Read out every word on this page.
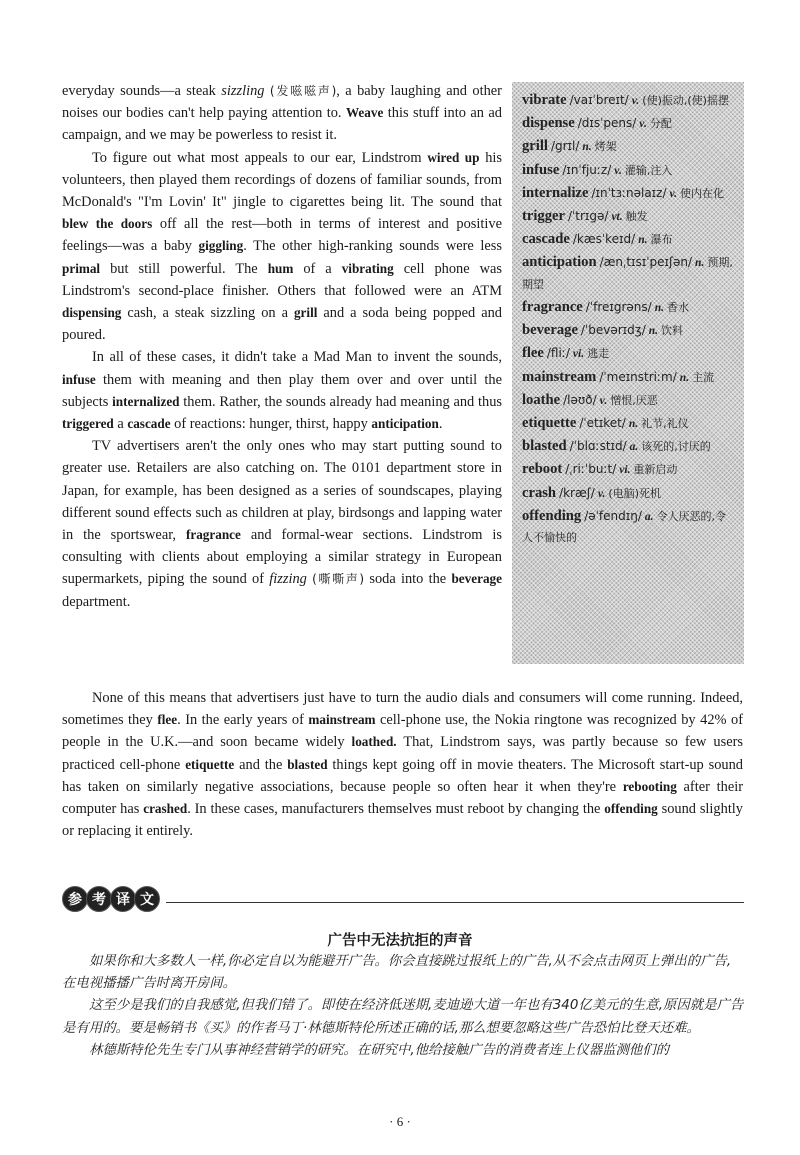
everyday sounds—a steak sizzling (发嗞嗞声), a baby laughing and other noises our bodies can't help paying attention to. Weave this stuff into an ad campaign, and we may be powerless to resist it.

To figure out what most appeals to our ear, Lindstrom wired up his volunteers, then played them recordings of dozens of familiar sounds, from McDonald's "I'm Lovin' It" jingle to cigarettes being lit. The sound that blew the doors off all the rest—both in terms of interest and positive feelings—was a baby giggling. The other high-ranking sounds were less primal but still powerful. The hum of a vibrating cell phone was Lindstrom's second-place finisher. Others that followed were an ATM dispensing cash, a steak sizzling on a grill and a soda being popped and poured.

In all of these cases, it didn't take a Mad Man to invent the sounds, infuse them with meaning and then play them over and over until the subjects internalized them. Rather, the sounds already had meaning and thus triggered a cascade of reactions: hunger, thirst, happy anticipation.

TV advertisers aren't the only ones who may start putting sound to greater use. Retailers are also catching on. The 0101 department store in Japan, for example, has been designed as a series of soundscapes, playing different sound effects such as children at play, birdsongs and lapping water in the sportswear, fragrance and formal-wear sections. Lindstrom is consulting with clients about employing a similar strategy in European supermarkets, piping the sound of fizzing (嘶嘶声) soda into the beverage department.

vibrate /vaɪˈbreɪt/ v. (使)振动,(使)摇摆
dispense /dɪsˈpens/ v. 分配
grill /grɪl/ n. 烤架
infuse /ɪnˈfjuːz/ v. 灌输,注入
internalize /ɪnˈtɜːnəlaɪz/ v. 使内在化
trigger /ˈtrɪgə/ vt. 触发
cascade /kæsˈkeɪd/ n. 瀑布
anticipation /ænˌtɪsɪˈpeɪʃən/ n. 预期,期望
fragrance /ˈfreɪgrəns/ n. 香水
beverage /ˈbevərɪdʒ/ n. 饮料
flee /fliː/ vi. 逃走
mainstream /ˈmeɪnstriːm/ n. 主流
loathe /ləʊð/ v. 憎恨,厌恶
etiquette /ˈetɪket/ n. 礼节,礼仪
blasted /ˈblɑːstɪd/ a. 该死的,讨厌的
reboot /ˌriːˈbuːt/ vi. 重新启动
crash /kræʃ/ v. (电脑)死机
offending /əˈfendɪŋ/ a. 令人厌恶的,令人不愉快的

None of this means that advertisers just have to turn the audio dials and consumers will come running. Indeed, sometimes they flee. In the early years of mainstream cell-phone use, the Nokia ringtone was recognized by 42% of people in the U.K.—and soon became widely loathed. That, Lindstrom says, was partly because so few users practiced cell-phone etiquette and the blasted things kept going off in movie theaters. The Microsoft start-up sound has taken on similarly negative associations, because people so often hear it when they're rebooting after their computer has crashed. In these cases, manufacturers themselves must reboot by changing the offending sound slightly or replacing it entirely.

参 考 译 文
广告中无法抗拒的声音

如果你和大多数人一样,你必定自以为能避开广告。你会直接跳过报纸上的广告,从不会点击网页上弹出的广告,在电视播播广告时离开房间。

这至少是我们的自我感觉,但我们错了。即使在经济低迷期,麦迪逊大道一年也有340亿美元的生意,原因就是广告是有用的。要是畅销书《买》的作者马丁·林德斯特伦所述正确的话,那么想要忽略这些广告恐怕比登天还难。

林德斯特伦先生专门从事神经营销学的研究。在研究中,他给接触广告的消费者连上仪器监测他们的

· 6 ·
